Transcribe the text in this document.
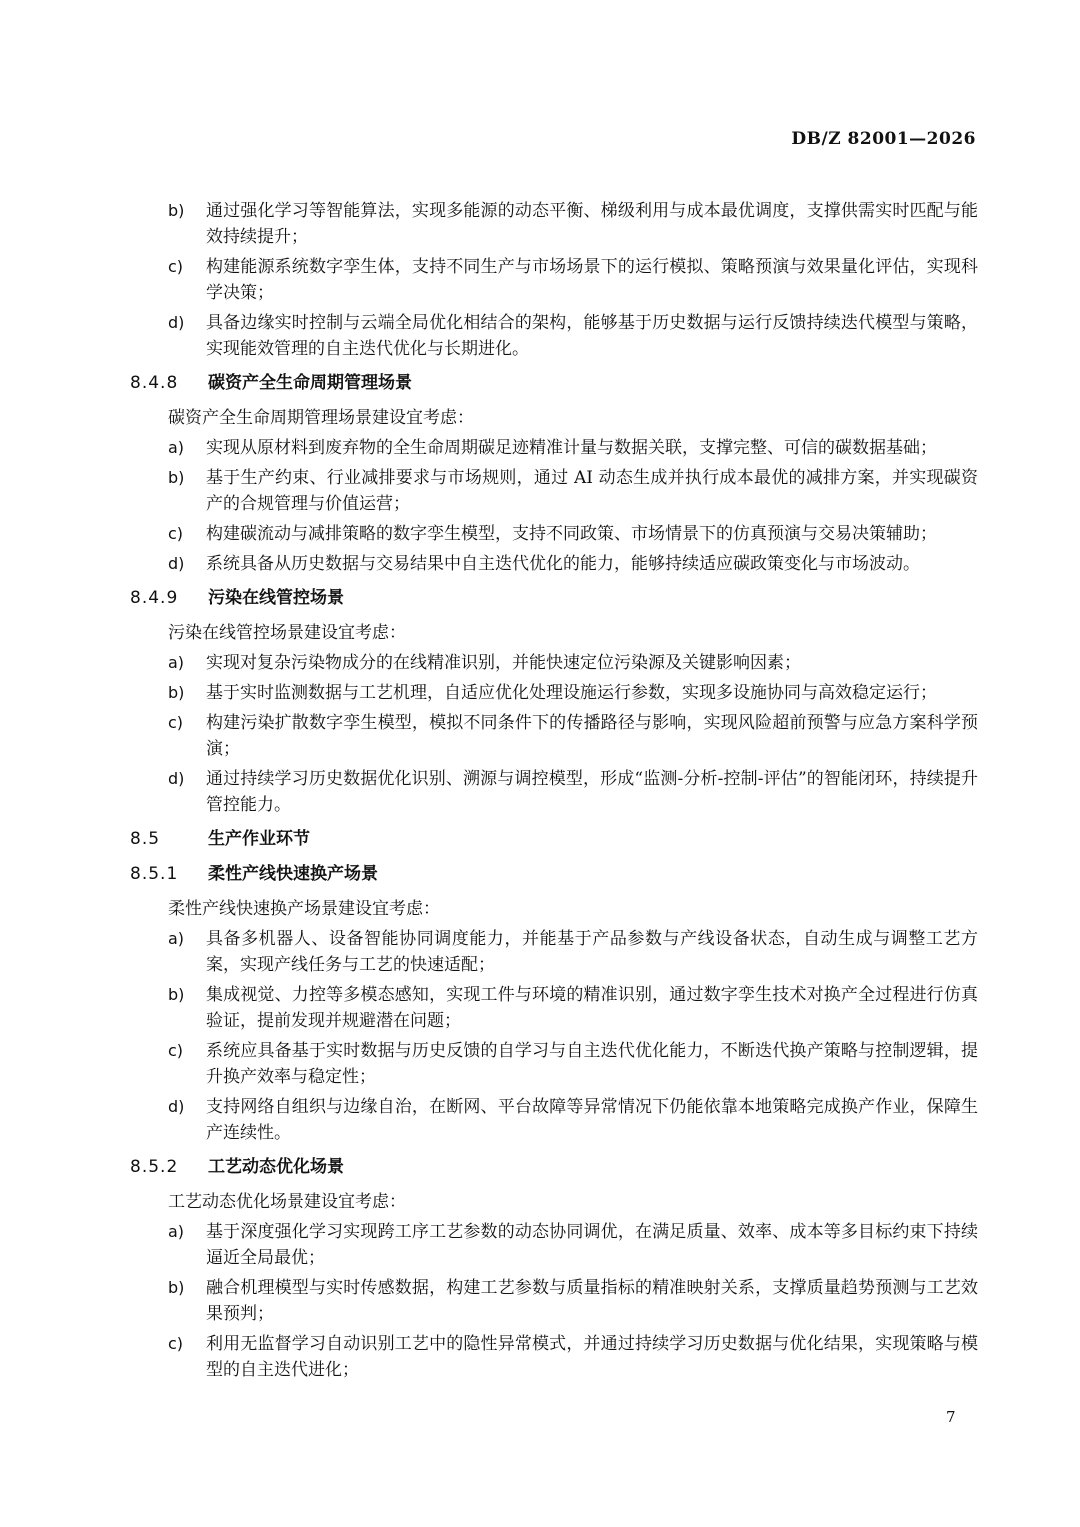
DB/Z 82001—2026
b)	通过强化学习等智能算法，实现多能源的动态平衡、梯级利用与成本最优调度，支撑供需实时匹配与能效持续提升；
c)	构建能源系统数字孪生体，支持不同生产与市场场景下的运行模拟、策略预演与效果量化评估，实现科学决策；
d)	具备边缘实时控制与云端全局优化相结合的架构，能够基于历史数据与运行反馈持续迭代模型与策略，实现能效管理的自主迭代优化与长期进化。
8.4.8	碳资产全生命周期管理场景
碳资产全生命周期管理场景建设宜考虑：
a)	实现从原材料到废弃物的全生命周期碳足迹精准计量与数据关联，支撑完整、可信的碳数据基础；
b)	基于生产约束、行业减排要求与市场规则，通过 AI 动态生成并执行成本最优的减排方案，并实现碳资产的合规管理与价值运营；
c)	构建碳流动与减排策略的数字孪生模型，支持不同政策、市场情景下的仿真预演与交易决策辅助；
d)	系统具备从历史数据与交易结果中自主迭代优化的能力，能够持续适应碳政策变化与市场波动。
8.4.9	污染在线管控场景
污染在线管控场景建设宜考虑：
a)	实现对复杂污染物成分的在线精准识别，并能快速定位污染源及关键影响因素；
b)	基于实时监测数据与工艺机理，自适应优化处理设施运行参数，实现多设施协同与高效稳定运行；
c)	构建污染扩散数字孪生模型，模拟不同条件下的传播路径与影响，实现风险超前预警与应急方案科学预演；
d)	通过持续学习历史数据优化识别、溯源与调控模型，形成“监测-分析-控制-评估”的智能闭环，持续提升管控能力。
8.5	生产作业环节
8.5.1	柔性产线快速换产场景
柔性产线快速换产场景建设宜考虑：
a)	具备多机器人、设备智能协同调度能力，并能基于产品参数与产线设备状态，自动生成与调整工艺方案，实现产线任务与工艺的快速适配；
b)	集成视觉、力控等多模态感知，实现工件与环境的精准识别，通过数字孪生技术对换产全过程进行仿真验证，提前发现并规避潜在问题；
c)	系统应具备基于实时数据与历史反馈的自学习与自主迭代优化能力，不断迭代换产策略与控制逻辑，提升换产效率与稳定性；
d)	支持网络自组织与边缘自治，在断网、平台故障等异常情况下仍能依靠本地策略完成换产作业，保障生产连续性。
8.5.2	工艺动态优化场景
工艺动态优化场景建设宜考虑：
a)	基于深度强化学习实现跨工序工艺参数的动态协同调优，在满足质量、效率、成本等多目标约束下持续逼近全局最优；
b)	融合机理模型与实时传感数据，构建工艺参数与质量指标的精准映射关系，支撑质量趋势预测与工艺效果预判；
c)	利用无监督学习自动识别工艺中的隐性异常模式，并通过持续学习历史数据与优化结果，实现策略与模型的自主迭代进化；
7
